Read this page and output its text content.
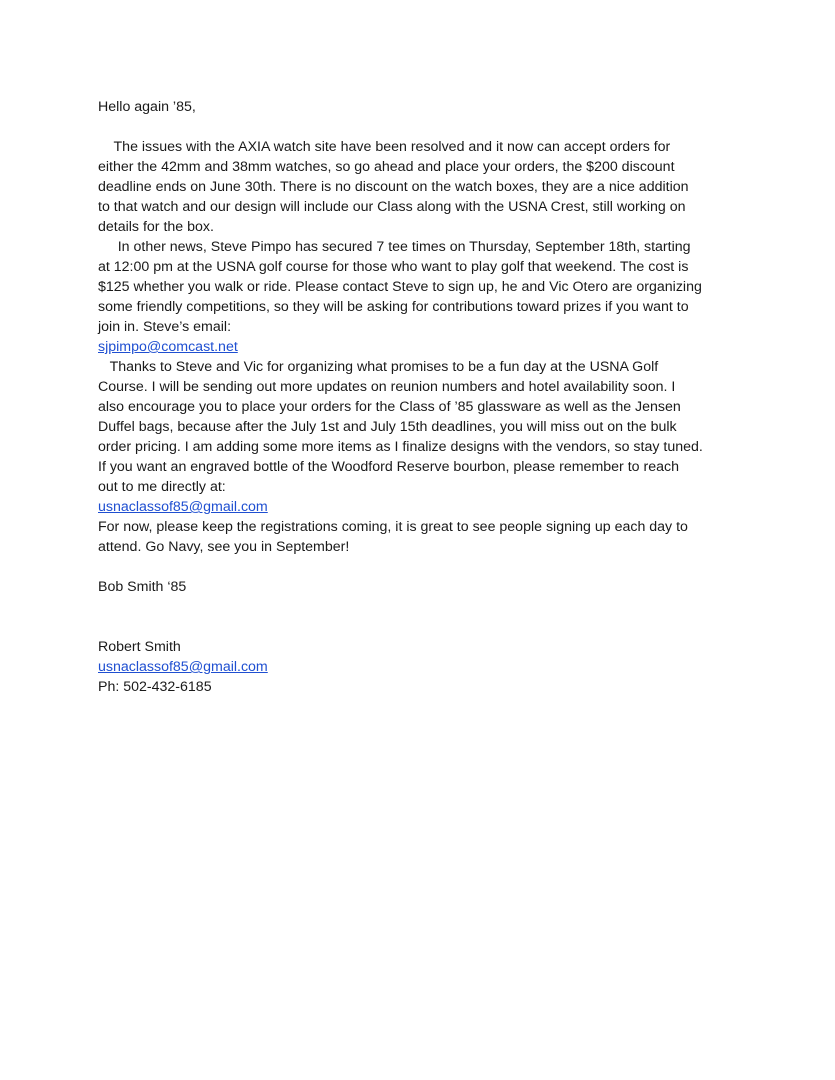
Hello again ’85,
The issues with the AXIA watch site have been resolved and it now can accept orders for
either the 42mm and 38mm watches, so go ahead and place your orders, the $200 discount
deadline ends on June 30th. There is no discount on the watch boxes, they are a nice addition
to that watch and our design will include our Class along with the USNA Crest, still working on
details for the box.
In other news, Steve Pimpo has secured 7 tee times on Thursday, September 18th, starting
at 12:00 pm at the USNA golf course for those who want to play golf that weekend. The cost is
$125 whether you walk or ride. Please contact Steve to sign up, he and Vic Otero are organizing
some friendly competitions, so they will be asking for contributions toward prizes if you want to
join in. Steve’s email:
sjpimpo@comcast.net
Thanks to Steve and Vic for organizing what promises to be a fun day at the USNA Golf
Course. I will be sending out more updates on reunion numbers and hotel availability soon. I
also encourage you to place your orders for the Class of ’85 glassware as well as the Jensen
Duffel bags, because after the July 1st and July 15th deadlines, you will miss out on the bulk
order pricing. I am adding some more items as I finalize designs with the vendors, so stay tuned.
If you want an engraved bottle of the Woodford Reserve bourbon, please remember to reach
out to me directly at:
usnaclassof85@gmail.com
For now, please keep the registrations coming, it is great to see people signing up each day to
attend. Go Navy, see you in September!
Bob Smith ‘85
Robert Smith
usnaclassof85@gmail.com
Ph: 502-432-6185
